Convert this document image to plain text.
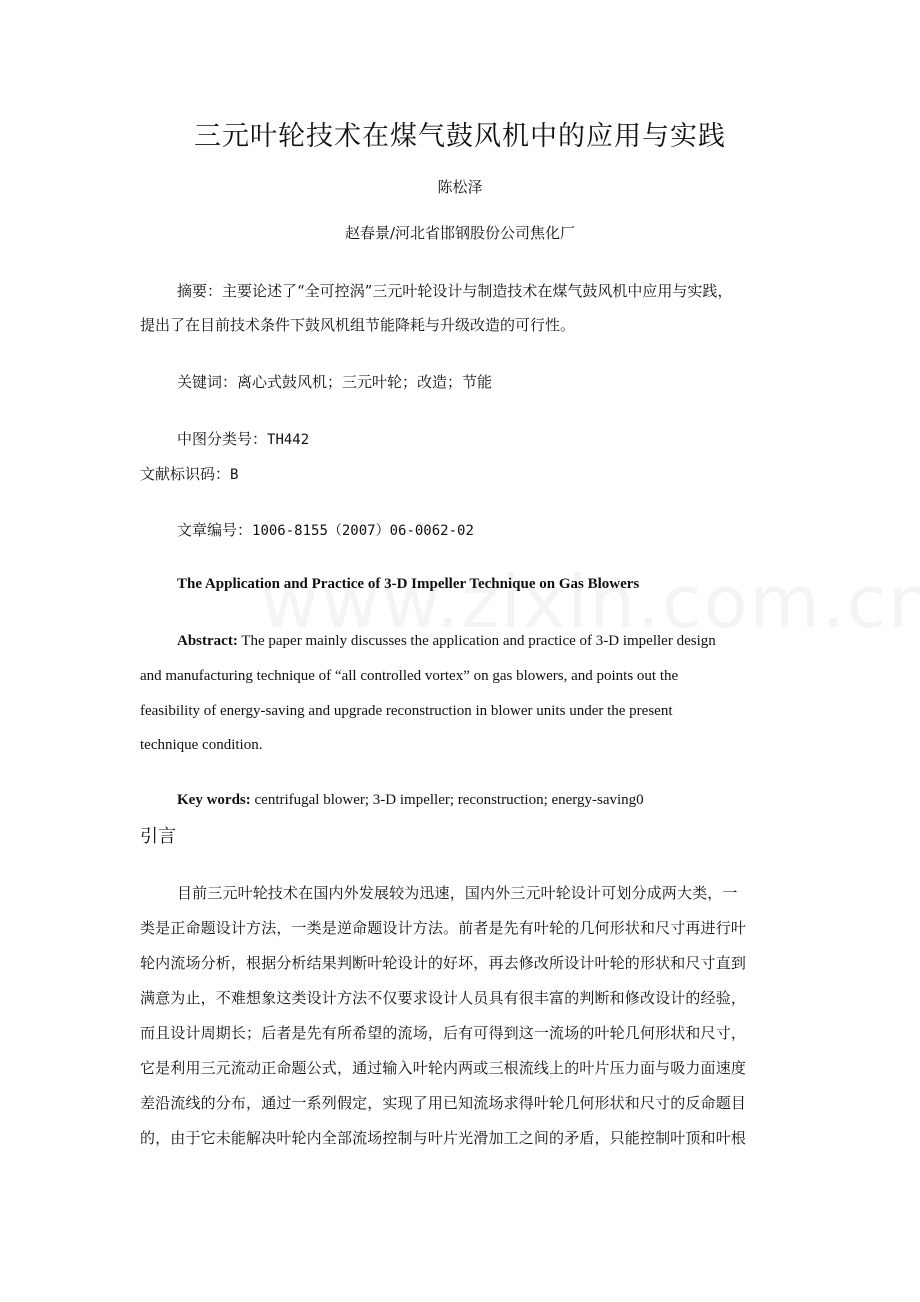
三元叶轮技术在煤气鼓风机中的应用与实践
陈松泽
赵春景/河北省邯钢股份公司焦化厂
摘要：主要论述了“全可控涡”三元叶轮设计与制造技术在煤气鼓风机中应用与实践，
提出了在目前技术条件下鼓风机组节能降耗与升级改造的可行性。
关键词：离心式鼓风机；三元叶轮；改造；节能
中图分类号：TH442
文献标识码：B
文章编号：1006-8155（2007）06-0062-02
The Application and Practice of 3-D Impeller Technique on Gas Blowers
Abstract: The paper mainly discusses the application and practice of 3-D impeller design
and manufacturing technique of “all controlled vortex” on gas blowers, and points out the
feasibility of energy-saving and upgrade reconstruction in blower units under the present
technique condition.
Key words: centrifugal blower; 3-D impeller; reconstruction; energy-saving0
引言
目前三元叶轮技术在国内外发展较为迅速，国内外三元叶轮设计可划分成两大类，一
类是正命题设计方法，一类是逆命题设计方法。前者是先有叶轮的几何形状和尺寸再进行叶
轮内流场分析，根据分析结果判断叶轮设计的好坏，再去修改所设计叶轮的形状和尺寸直到
满意为止，不难想象这类设计方法不仅要求设计人员具有很丰富的判断和修改设计的经验，
而且设计周期长；后者是先有所希望的流场，后有可得到这一流场的叶轮几何形状和尺寸，
它是利用三元流动正命题公式，通过输入叶轮内两或三根流线上的叶片压力面与吸力面速度
差沿流线的分布，通过一系列假定，实现了用已知流场求得叶轮几何形状和尺寸的反命题目
的，由于它未能解决叶轮内全部流场控制与叶片光滑加工之间的矛盾，只能控制叶顶和叶根
